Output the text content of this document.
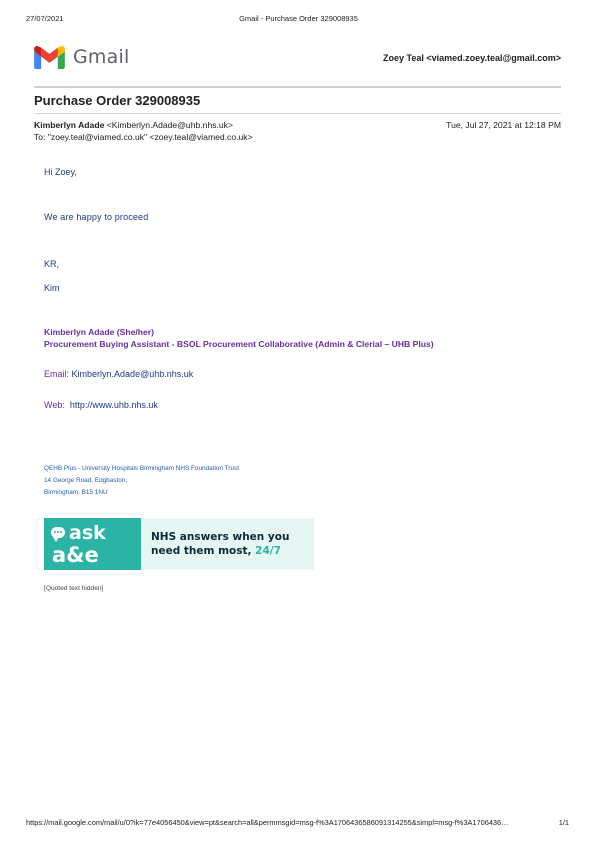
27/07/2021	Gmail - Purchase Order 329008935
Gmail	Zoey Teal <viamed.zoey.teal@gmail.com>
Purchase Order 329008935
Kimberlyn Adade <Kimberlyn.Adade@uhb.nhs.uk>	Tue, Jul 27, 2021 at 12:18 PM
To: "zoey.teal@viamed.co.uk" <zoey.teal@viamed.co.uk>
Hi Zoey,
We are happy to proceed
KR,
Kim
Kimberlyn Adade (She/her)
Procurement Buying Assistant - BSOL Procurement Collaborative (Admin & Clerial – UHB Plus)
Email: Kimberlyn.Adade@uhb.nhs.uk
Web: http://www.uhb.nhs.uk
QEHB Plus - University Hospitals Birmingham NHS Foundation Trust
14 George Road, Edgbaston,
Birmingham, B15 1NU
ask
a&e
NHS answers when you
need them most, 24/7
[Quoted text hidden]
https://mail.google.com/mail/u/0?ik=77e4056450&view=pt&search=all&permmsgid=msg-f%3A1706436586091314255&simpl=msg-f%3A1706436…	1/1
